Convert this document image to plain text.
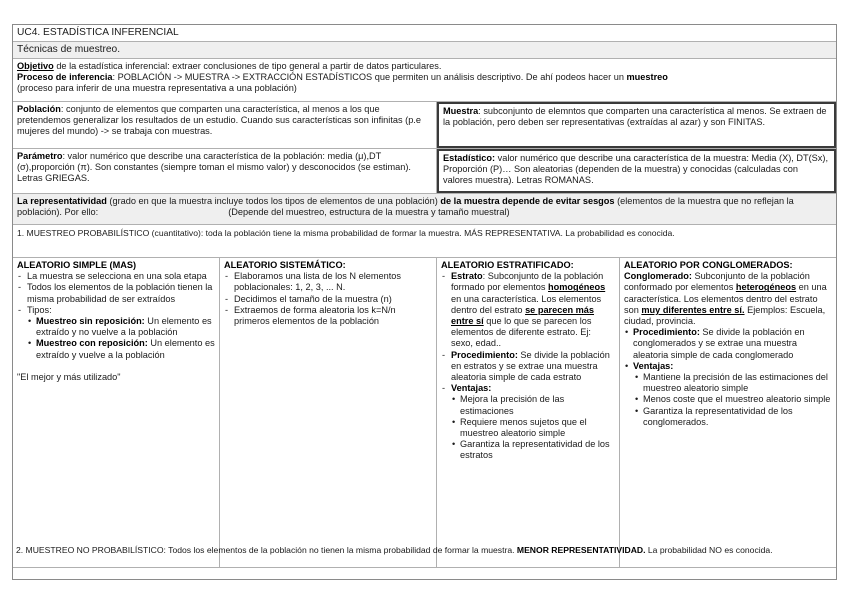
UC4. ESTADÍSTICA INFERENCIAL
Técnicas de muestreo.

Objetivo de la estadística inferencial: extraer conclusiones de tipo general a partir de datos particulares.

Proceso de inferencia: POBLACIÓN -> MUESTRA -> EXTRACCIÓN ESTADÍSTICOS que permiten un análisis descriptivo. De ahí podeos hacer un muestreo

(proceso para inferir de una muestra representativa a una población)

Población: conjunto de elementos que comparten una característica, al menos a los que pretendemos generalizar los resultados de un estudio. Cuando sus características son infinitas (p.e mujeres del mundo) -> se trabaja con muestras.

Muestra: subconjunto de elemntos que comparten una característica al menos. Se extraen de la población, pero deben ser representativas (extraídas al azar) y son FINITAS.

Parámetro: valor numérico que describe una característica de la población: media (μ),DT (σ),proporción (π). Son constantes (siempre toman el mismo valor) y desconocidos (se estiman). Letras GRIEGAS.

Estadístico: valor numérico que describe una característica de la muestra: Media (X), DT(Sx), Proporción (P)… Son aleatorias (dependen de la muestra) y conocidas (calculadas con valores muestra). Letras ROMANAS.

La representatividad (grado en que la muestra incluye todos los tipos de elementos de una población) de la muestra depende de evitar sesgos (elementos de la muestra que no reflejan la población). Por ello:	(Depende del muestreo, estructura de la muestra y tamaño muestral)

1. MUESTREO PROBABILÍSTICO (cuantitativo): toda la población tiene la misma probabilidad de formar la muestra. MÁS REPRESENTATIVA. La probabilidad es conocida.

ALEATORIO SIMPLE (MAS)

- La muestra se selecciona en una sola etapa
- Todos los elementos de la población tienen la misma probabilidad de ser extraídos
- Tipos:
• Muestreo sin reposición: Un elemento es extraído y no vuelve a la población
• Muestreo con reposición: Un elemento es extraído y vuelve a la población

"El mejor y más utilizado"

ALEATORIO SISTEMÁTICO:

- Elaboramos una lista de los N elementos poblacionales: 1, 2, 3, ... N.
- Decidimos el tamaño de la muestra (n)
- Extraemos de forma aleatoria los k=N/n primeros elementos de la población

ALEATORIO ESTRATIFICADO:

- Estrato: Subconjunto de la población formado por elementos homogéneos en una característica. Los elementos dentro del estrato se parecen más entre sí que lo que se parecen los elementos de diferente estrato. Ej: sexo, edad..
- Procedimiento: Se divide la población en estratos y se extrae una muestra aleatoria simple de cada estrato
- Ventajas:
• Mejora la precisión de las estimaciones
• Requiere menos sujetos que el muestreo aleatorio simple
• Garantiza la representatividad de los estratos

ALEATORIO POR CONGLOMERADOS:

Conglomerado: Subconjunto de la población conformado por elementos heterogéneos en una característica. Los elementos dentro del estrato son muy diferentes entre sí. Ejemplos: Escuela, ciudad, provincia.

• Procedimiento: Se divide la población en conglomerados y se extrae una muestra aleatoria simple de cada conglomerado
• Ventajas:
• Mantiene la precisión de las estimaciones del muestreo aleatorio simple
• Menos coste que el muestreo aleatorio simple
• Garantiza la representatividad de los conglomerados.
2. MUESTREO NO PROBABILÍSTICO: Todos los elementos de la población no tienen la misma probabilidad de formar la muestra. MENOR REPRESENTATIVIDAD. La probabilidad NO es conocida.
